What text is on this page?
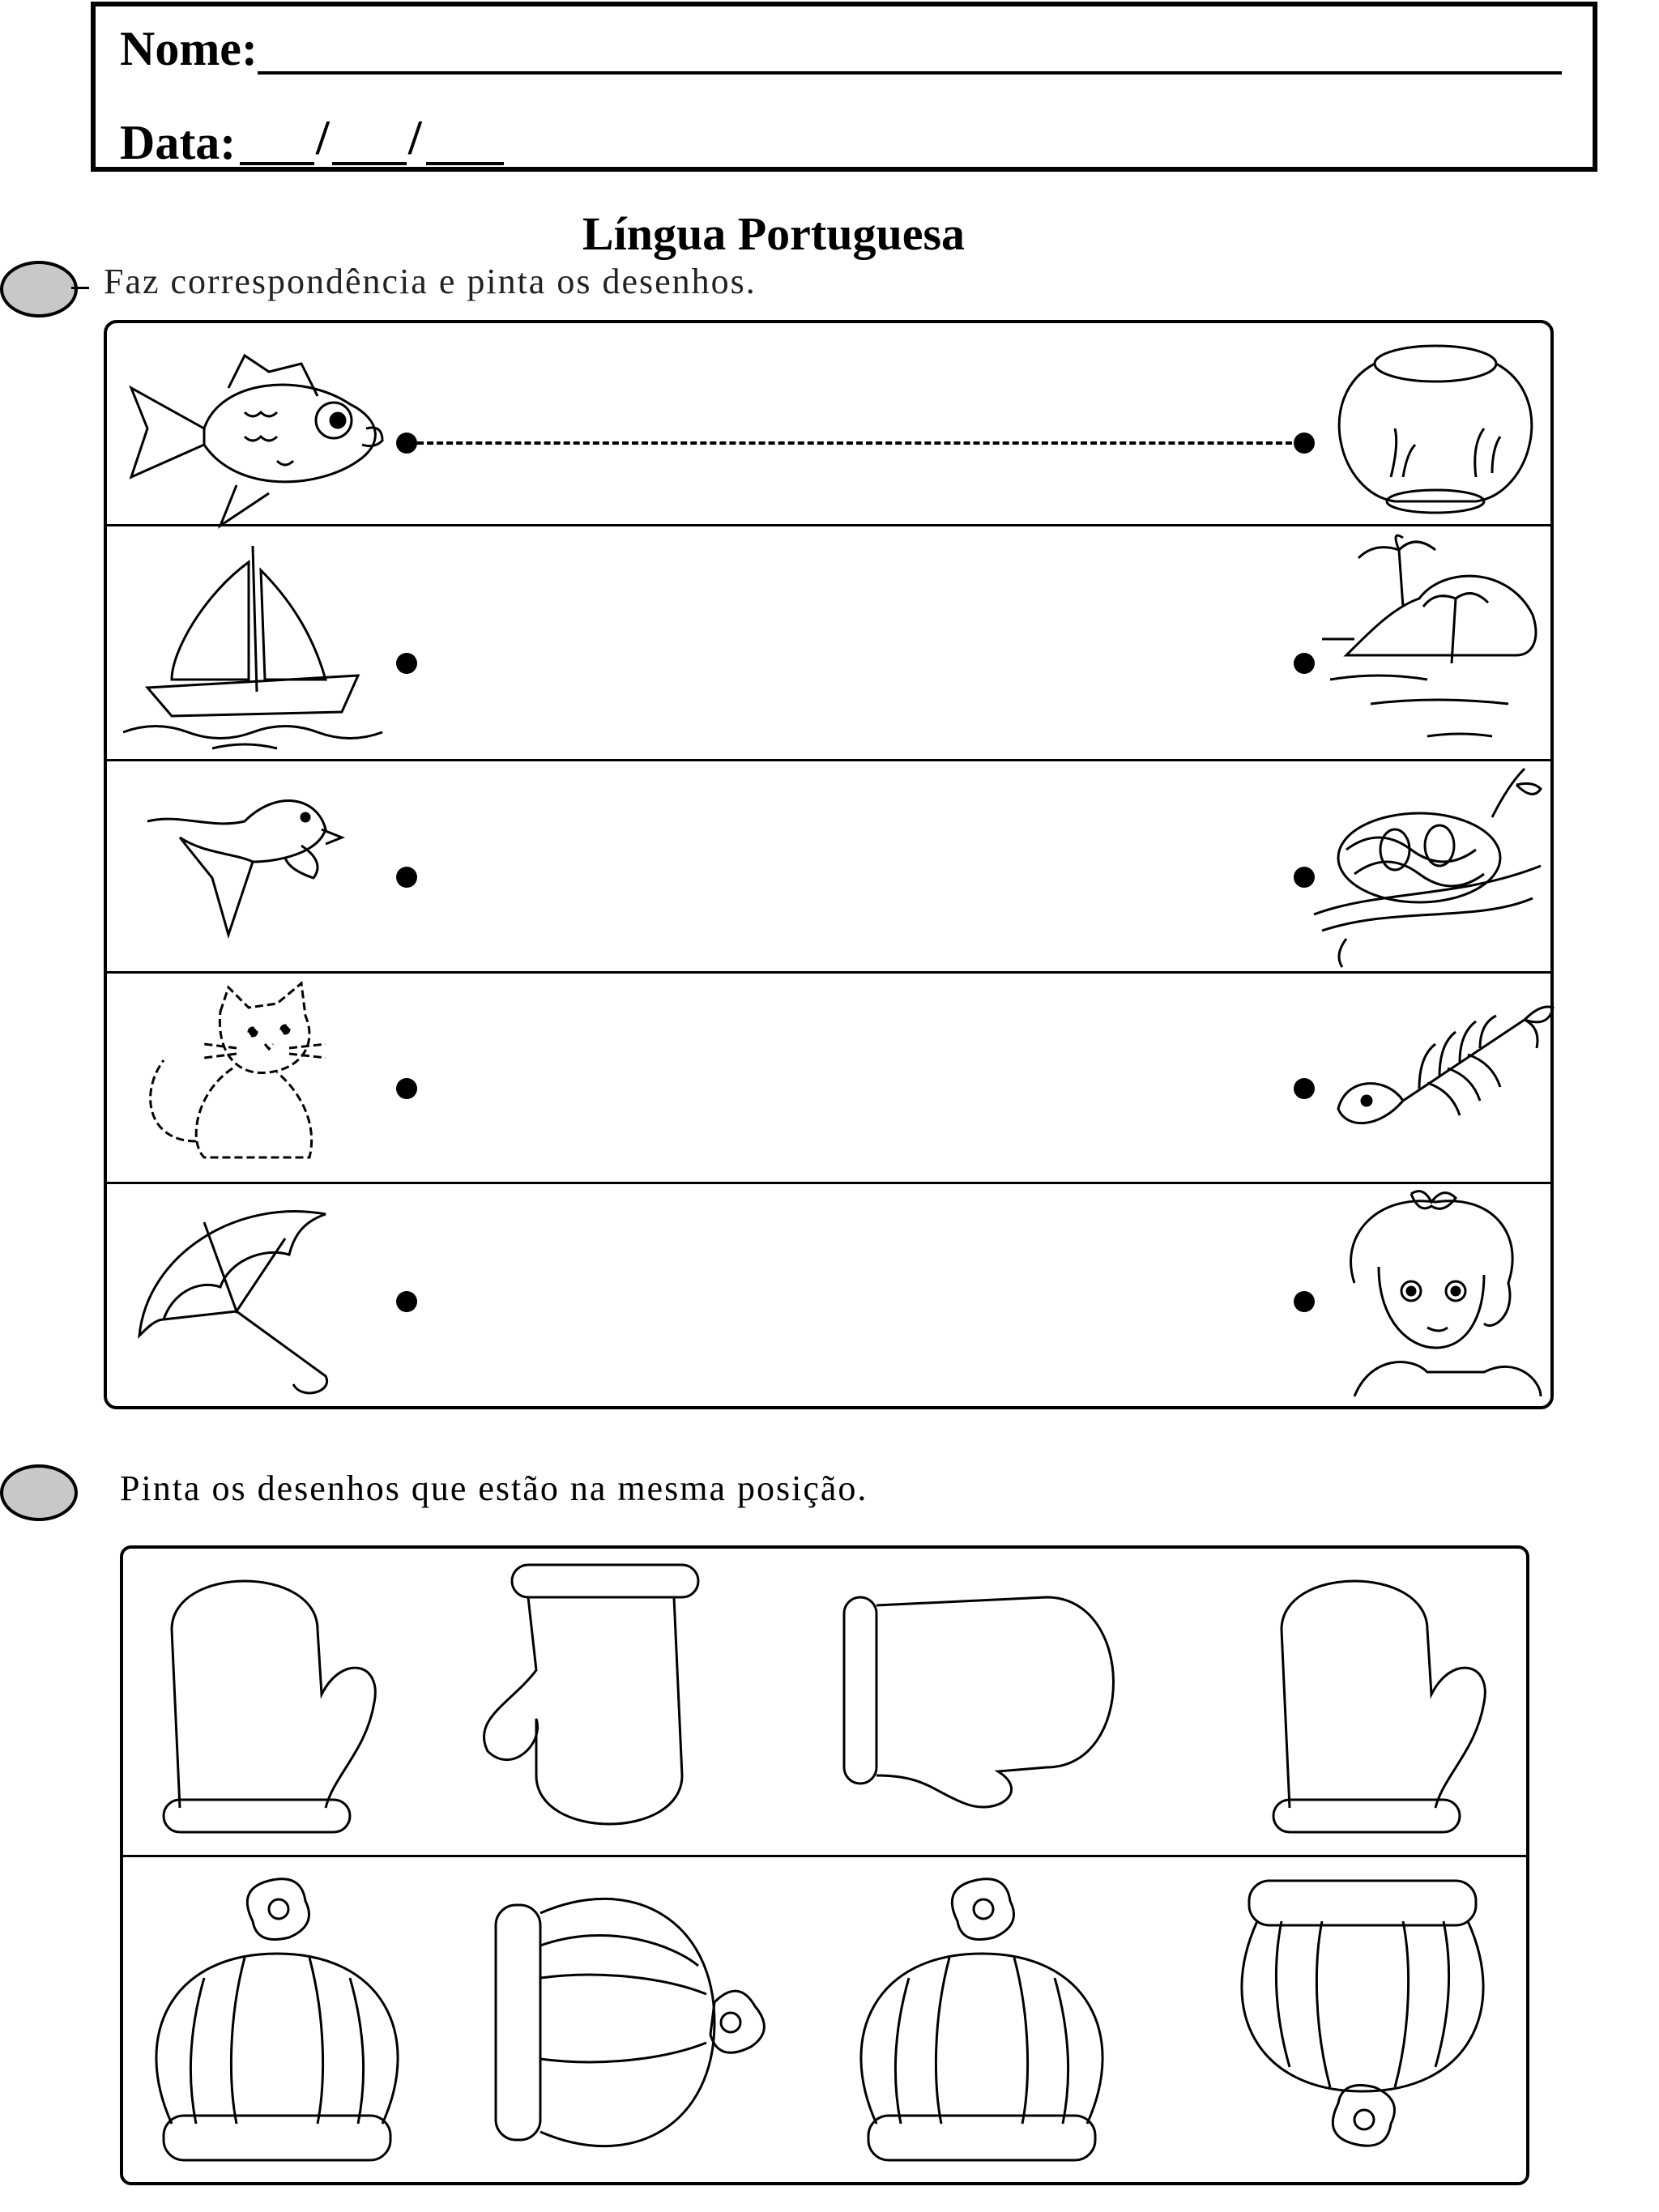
Nome:
Data: / /
Língua Portuguesa
Faz correspondência e pinta os desenhos.
Pinta os desenhos que estão na mesma posição.
